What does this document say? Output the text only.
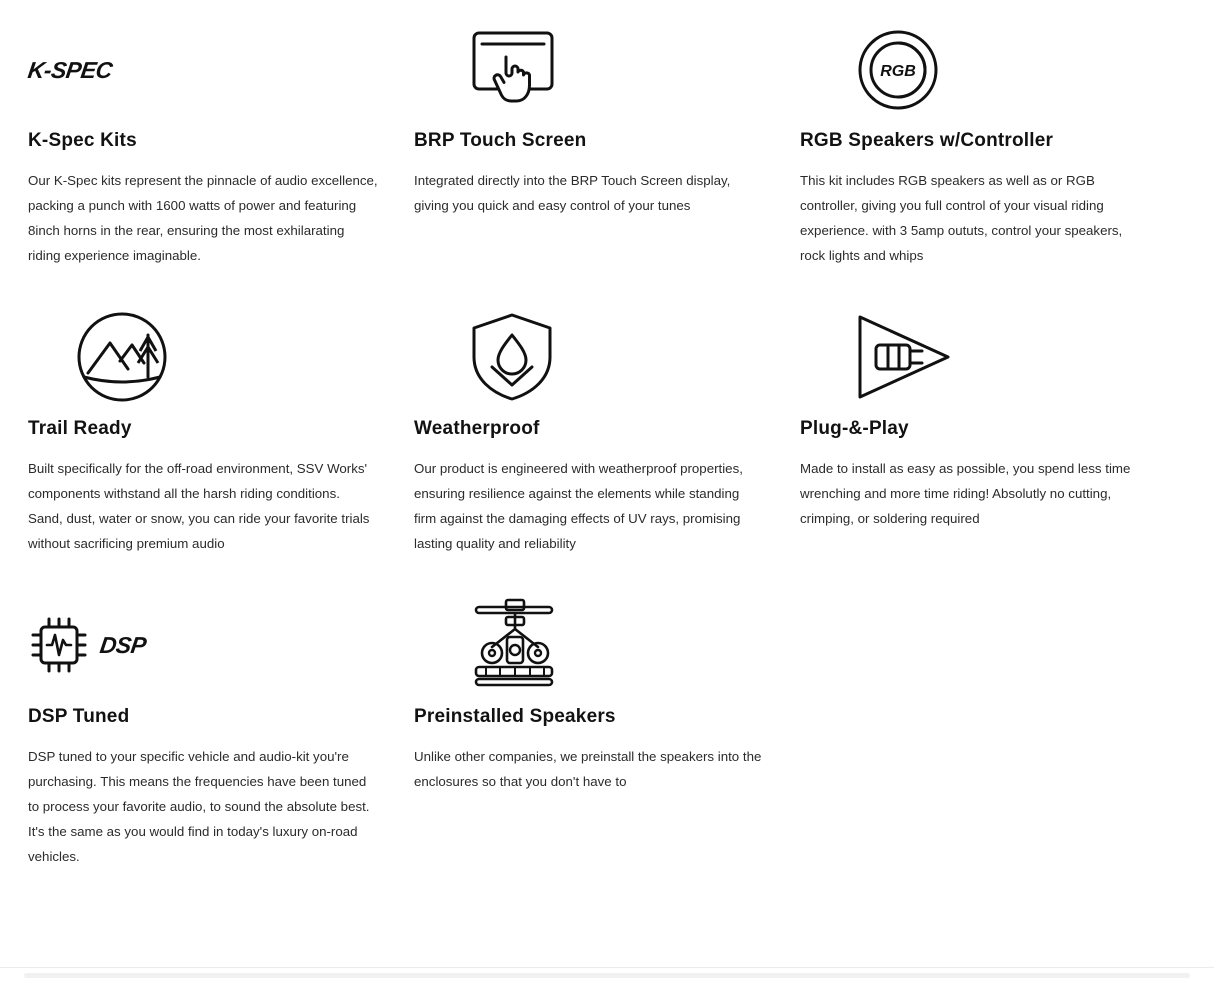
K-SPEC
K-Spec Kits

Our K-Spec kits represent the pinnacle of audio excellence, packing a punch with 1600 watts of power and featuring 8inch horns in the rear, ensuring the most exhilarating riding experience imaginable.

BRP Touch Screen

Integrated directly into the BRP Touch Screen display, giving you quick and easy control of your tunes

RGB
RGB Speakers w/Controller

This kit includes RGB speakers as well as or RGB controller, giving you full control of your visual riding experience. with 3 5amp oututs, control your speakers, rock lights and whips

Trail Ready

Built specifically for the off-road environment, SSV Works' components withstand all the harsh riding conditions. Sand, dust, water or snow, you can ride your favorite trials without sacrificing premium audio

Weatherproof

Our product is engineered with weatherproof properties, ensuring resilience against the elements while standing firm against the damaging effects of UV rays, promising lasting quality and reliability

Plug-&-Play

Made to install as easy as possible, you spend less time wrenching and more time riding! Absolutly no cutting, crimping, or soldering required

DSP
DSP Tuned

DSP tuned to your specific vehicle and audio-kit you're purchasing. This means the frequencies have been tuned to process your favorite audio, to sound the absolute best. It's the same as you would find in today's luxury on-road vehicles.

Preinstalled Speakers

Unlike other companies, we preinstall the speakers into the enclosures so that you don't have to
